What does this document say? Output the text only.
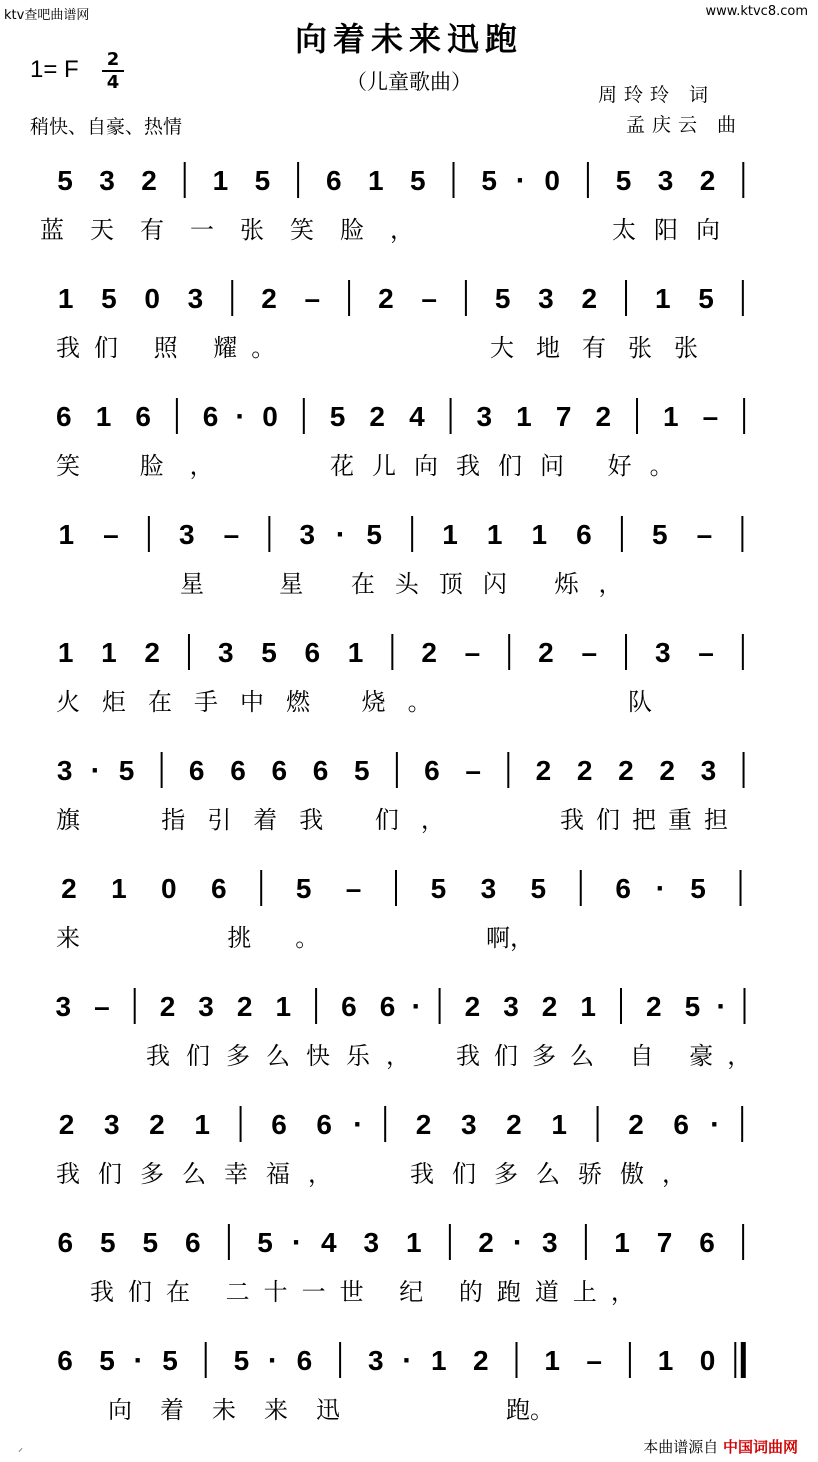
ktv查吧曲谱网	www.ktvc8.com
向着未来迅跑
（儿童歌曲）
1= F	2
4
稍快、自豪、热情
周玲玲 词
孟庆云 曲
5 3 2 1 5 6 1 5 5 · 0 5 3 2
蓝天有一张笑脸，	太阳向
1 5 0 3 2 – 2 – 5 3 2 1 5
我们 照 耀。	大地有张张
6 1 6 6 · 0 5 2 4 3 1 7 2 1 –
笑 脸，	花儿向我们问 好。
1 – 3 – 3 · 5 1 1 1 6 5 –
星  星 在头顶闪 烁，
1 1 2 3 5 6 1 2 – 2 – 3 –
火炬在手中燃 烧。	队
3 · 5 6 6 6 6 5 6 – 2 2 2 2 3
旗  指引着我 们，	我们把重担
2 1 0 6 5 – 5 3 5 6 · 5
来  挑。	啊，
3 – 2 3 2 1 6 6 · 2 3 2 1 2 5 ·
我们多么快乐， 我们多么 自 豪，
2 3 2 1 6 6 · 2 3 2 1 2 6 ·
我们多么幸福，	我们多么骄傲，
6 5 5 6 5 · 4 3 1 2 · 3 1 7 6
我们在 二十一世 纪 的跑道上，
6 5 · 5 5 · 6 3 · 1 2 1 – 1 0
向着未来迅	跑。
本曲谱源自 中国词曲网
⸝
